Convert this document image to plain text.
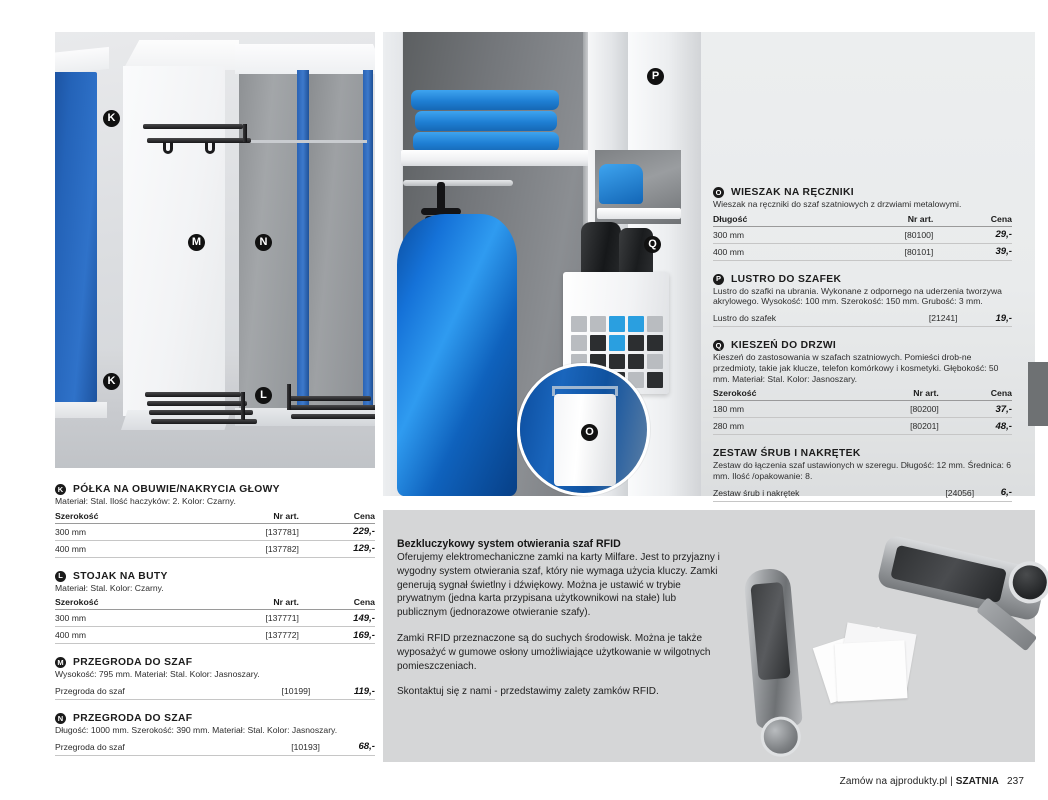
K
M	N
K
L
K PÓŁKA NA OBUWIE/NAKRYCIA GŁOWY
Materiał: Stal. Ilość haczyków: 2. Kolor: Czarny.
Szerokość	Nr art.	Cena
300 mm	[137781]	229,-
400 mm	[137782]	129,-
L STOJAK NA BUTY
Materiał: Stal. Kolor: Czarny.
Szerokość	Nr art.	Cena
300 mm	[137771]	149,-
400 mm	[137772]	169,-
M PRZEGRODA DO SZAF
Wysokość: 795 mm. Materiał: Stal. Kolor: Jasnoszary.
Przegroda do szaf	[10199]	119,-
N PRZEGRODA DO SZAF
Długość: 1000 mm. Szerokość: 390 mm. Materiał: Stal. Kolor: Jasnoszary.
Przegroda do szaf	[10193]	68,-
P
Q
O
O WIESZAK NA RĘCZNIKI
Wieszak na ręczniki do szaf szatniowych z drzwiami metalowymi.
Długość	Nr art.	Cena
300 mm	[80100]	29,-
400 mm	[80101]	39,-
P LUSTRO DO SZAFEK
Lustro do szafki na ubrania. Wykonane z odpornego na uderzenia tworzywa akrylowego. Wysokość: 100 mm. Szerokość: 150 mm. Grubość: 3 mm.
Lustro do szafek	[21241]	19,-
Q KIESZEŃ DO DRZWI
Kieszeń do zastosowania w szafach szatniowych. Pomieści drob-ne przedmioty, takie jak klucze, telefon komórkowy i kosmetyki. Głębokość: 50 mm. Materiał: Stal. Kolor: Jasnoszary.
Szerokość	Nr art.	Cena
180 mm	[80200]	37,-
280 mm	[80201]	48,-
ZESTAW ŚRUB I NAKRĘTEK
Zestaw do łączenia szaf ustawionych w szeregu. Długość: 12 mm. Średnica: 6 mm. Ilość /opakowanie: 8.
Zestaw śrub i nakrętek	[24056]	6,-
Bezkluczykowy system otwierania szaf RFID
Oferujemy elektromechaniczne zamki na karty Milfare. Jest to przyjazny i wygodny system otwierania szaf, który nie wymaga użycia kluczy. Zamki generują sygnał świetlny i dźwiękowy. Można je ustawić w trybie prywatnym (jedna karta przypisana użytkownikowi na stałe) lub publicznym (jednorazowe otwieranie szafy).
Zamki RFID przeznaczone są do suchych środowisk. Można je także wyposażyć w gumowe osłony umożliwiające użytkowanie w wilgotnych pomieszczeniach.
Skontaktuj się z nami - przedstawimy zalety zamków RFID.
Zamów na ajprodukty.pl | SZATNIA 237
